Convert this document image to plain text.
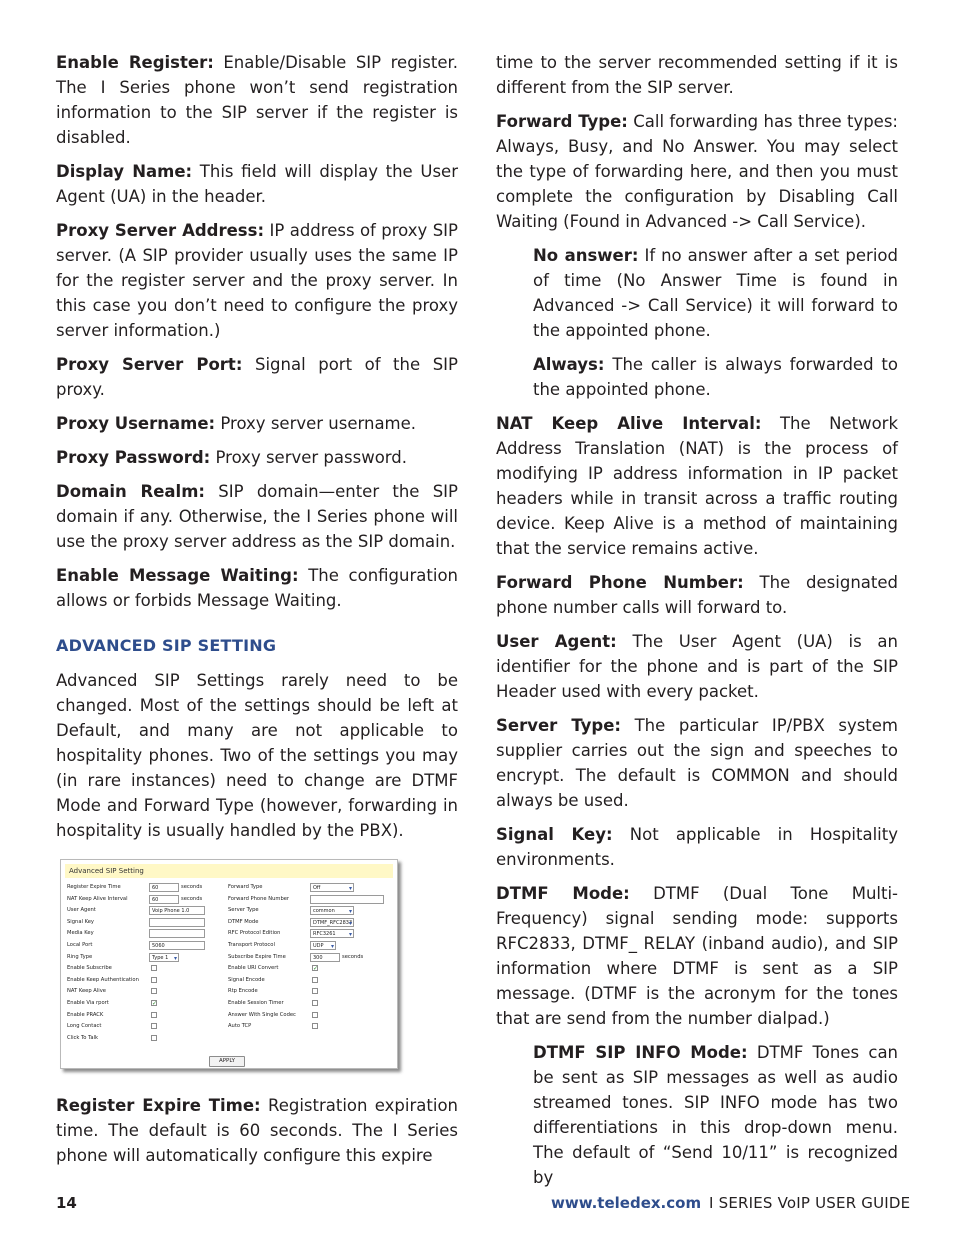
Enable Register: Enable/Disable SIP register. The I Series phone won’t send registration information to the SIP server if the register is disabled.

Display Name: This field will display the User Agent (UA) in the header.

Proxy Server Address: IP address of proxy SIP server. (A SIP provider usually uses the same IP for the register server and the proxy server. In this case you don’t need to configure the proxy server information.)

Proxy Server Port: Signal port of the SIP proxy.

Proxy Username: Proxy server username.

Proxy Password: Proxy server password.

Domain Realm: SIP domain—enter the SIP domain if any. Otherwise, the I Series phone will use the proxy server address as the SIP domain.

Enable Message Waiting: The configuration allows or forbids Message Waiting.

ADVANCED SIP SETTING

Advanced SIP Settings rarely need to be changed. Most of the settings should be left at Default, and many are not applicable to hospitality phones. Two of the settings you may (in rare instances) need to change are DTMF Mode and Forward Type (however, forwarding in hospitality is usually handled by the PBX).

Advanced SIP Setting
APPLY
Register Expire Time	60	seconds
NAT Keep Alive Interval	60	seconds
User Agent	Voip Phone 1.0
Signal Key
Media Key
Local Port	5060
Ring Type	Type 1 ▾
Enable Subscribe
Enable Keep Authentication
NAT Keep Alive
Enable Via rport	✓
Enable PRACK
Long Contact
Click To Talk
Forward Type	Off ▾
Forward Phone Number
Server Type	common ▾
DTMF Mode	DTMF_RFC2833 ▾
RFC Protocol Edition	RFC3261 ▾
Transport Protocol	UDP ▾
Subscribe Expire Time	300	seconds
Enable URI Convert	✓
Signal Encode
Rtp Encode
Enable Session Timer
Answer With Single Codec
Auto TCP

Register Expire Time: Registration expiration time. The default is 60 seconds. The I Series phone will automatically configure this expire

time to the server recommended setting if it is different from the SIP server.

Forward Type: Call forwarding has three types: Always, Busy, and No Answer. You may select the type of forwarding here, and then you must complete the configuration by Disabling Call Waiting (Found in Advanced -> Call Service).

No answer: If no answer after a set period of time (No Answer Time is found in Advanced -> Call Service) it will forward to the appointed phone.

Always: The caller is always forwarded to the appointed phone.

NAT Keep Alive Interval: The Network Address Translation (NAT) is the process of modifying IP address information in IP packet headers while in transit across a traffic routing device. Keep Alive is a method of maintaining that the service remains active.

Forward Phone Number: The designated phone number calls will forward to.

User Agent: The User Agent (UA) is an identifier for the phone and is part of the SIP Header used with every packet.

Server Type: The particular IP/PBX system supplier carries out the sign and speeches to encrypt. The default is COMMON and should always be used.

Signal Key: Not applicable in Hospitality environments.

DTMF Mode: DTMF (Dual Tone Multi-Frequency) signal sending mode: supports RFC2833, DTMF_ RELAY (inband audio), and SIP information where DTMF is sent as a SIP message. (DTMF is the acronym for the tones that are send from the number dialpad.)

DTMF SIP INFO Mode: DTMF Tones can be sent as SIP messages as well as audio streamed tones. SIP INFO mode has two differentiations in this drop-down menu. The default of “Send 10/11” is recognized by

14	www.teledex.com I SERIES VoIP USER GUIDE
